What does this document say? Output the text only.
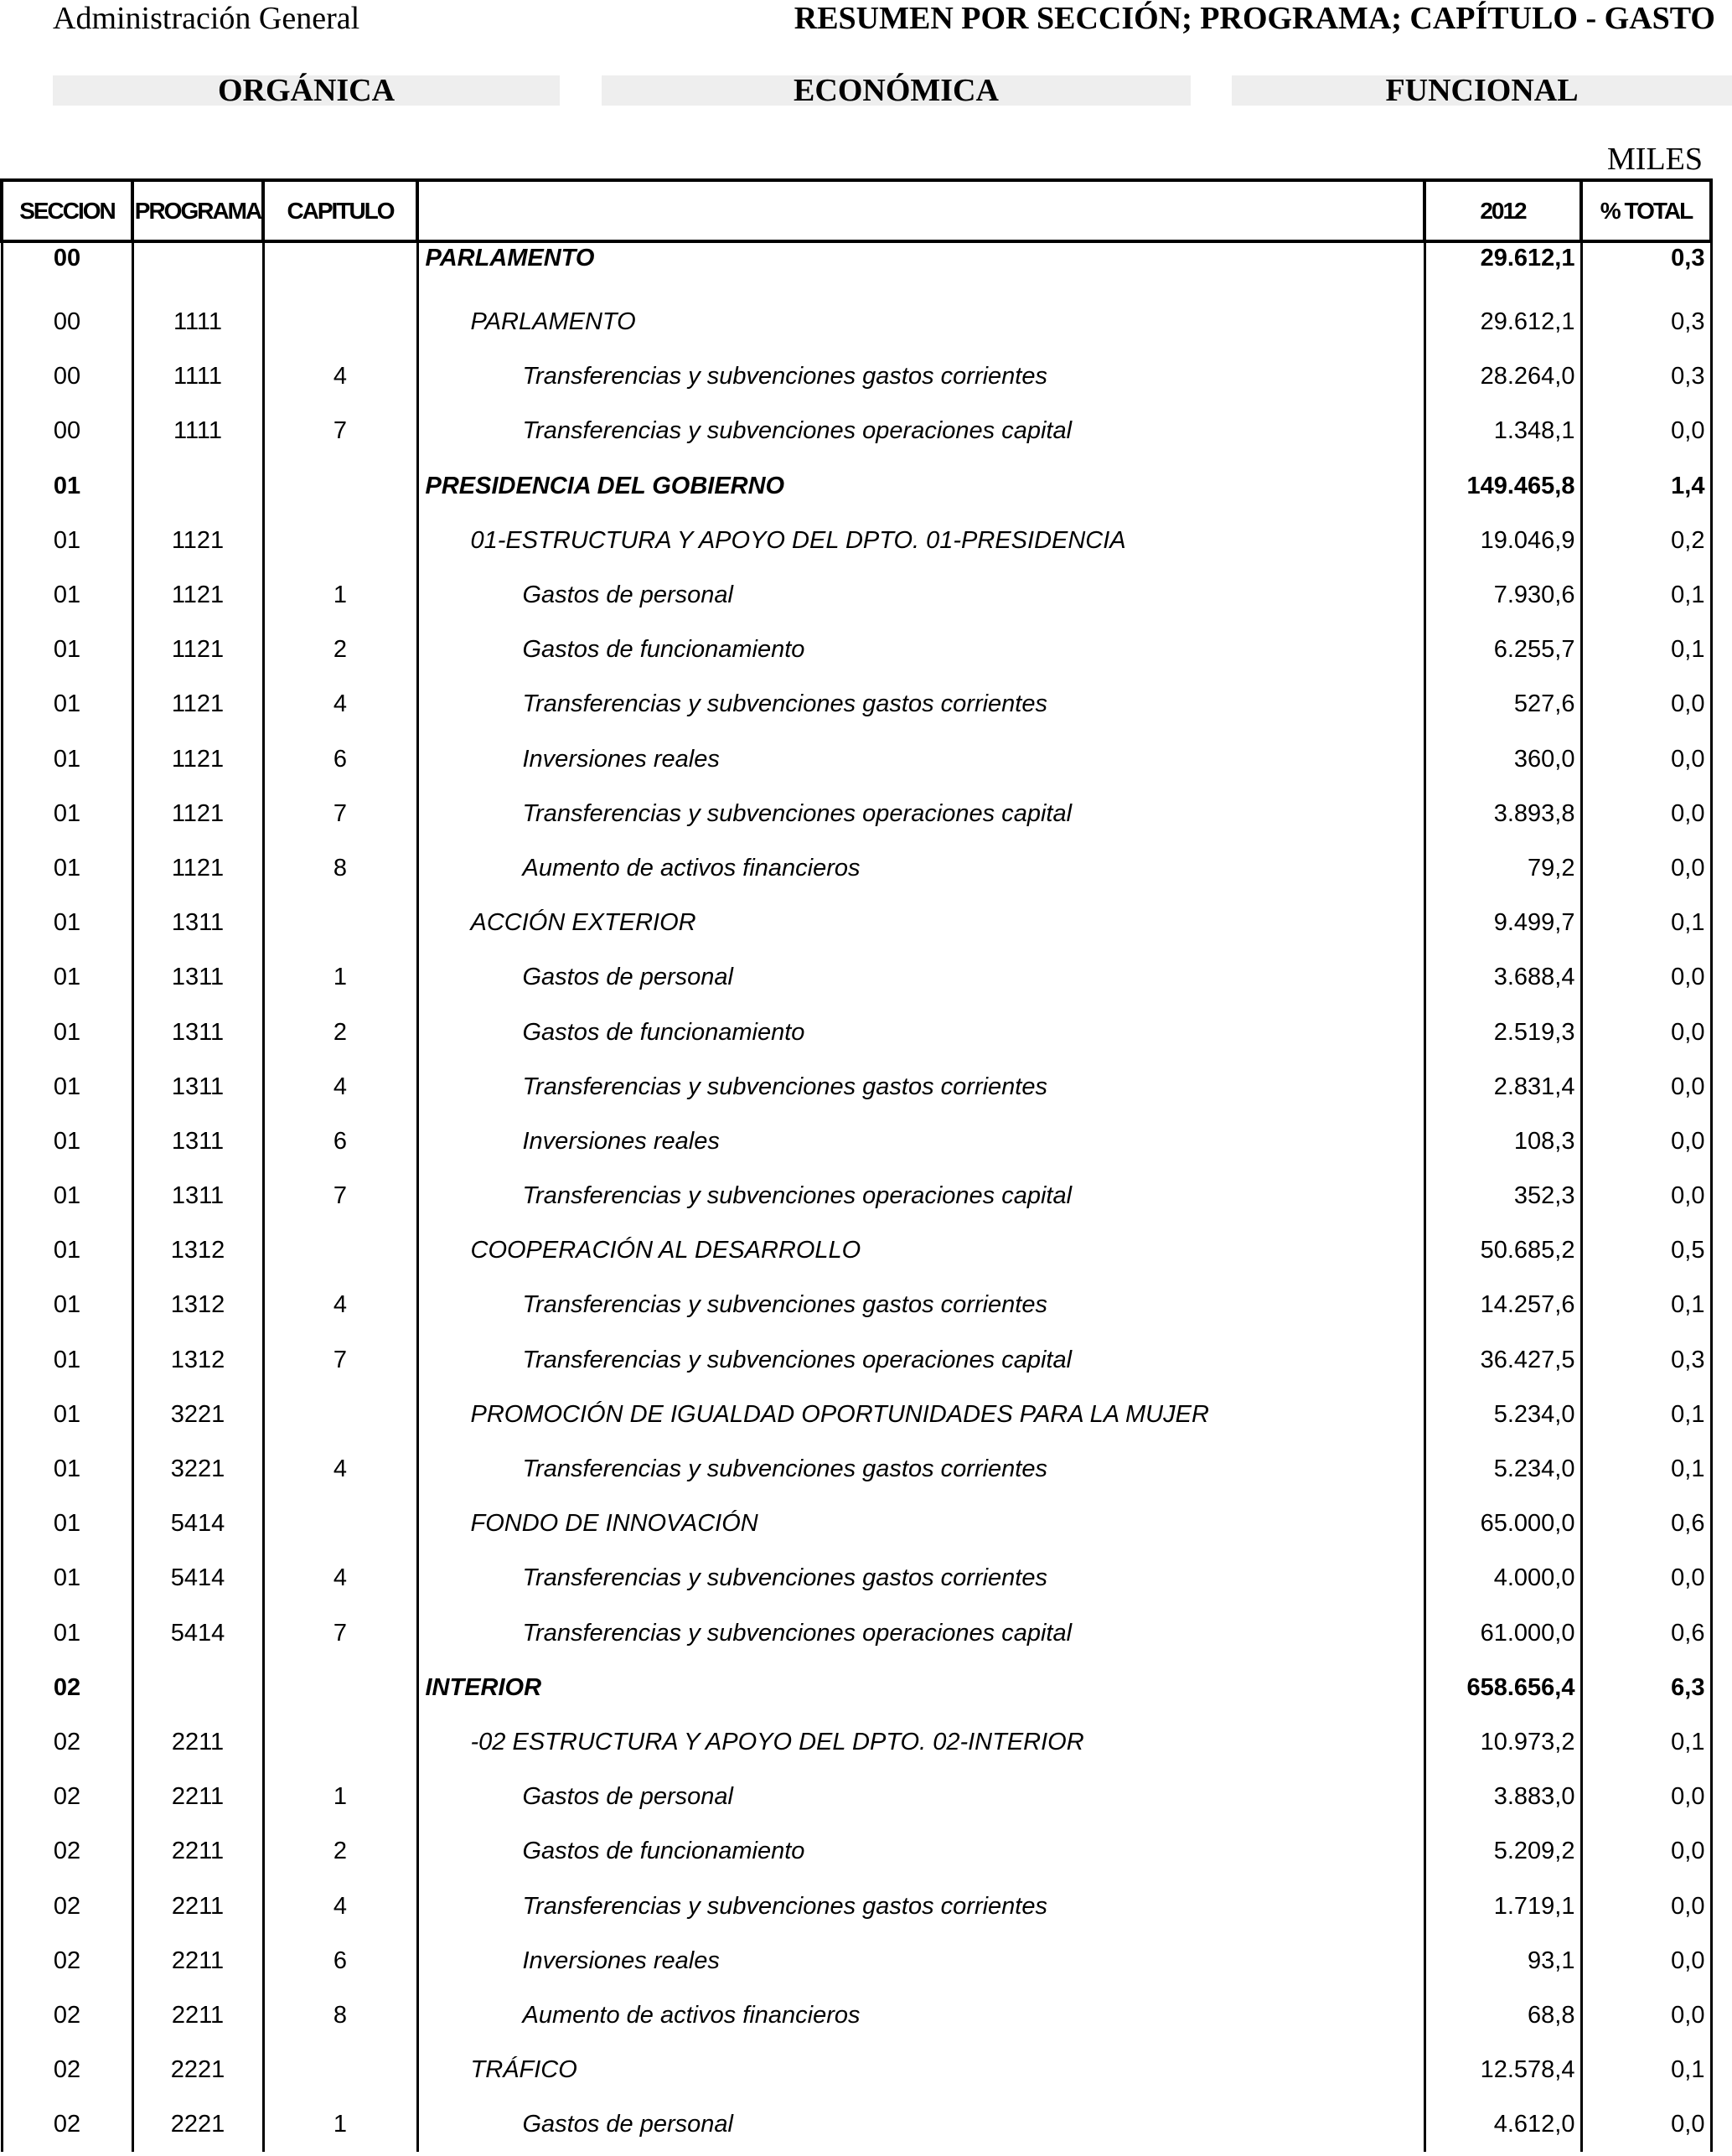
Administración General	RESUMEN POR SECCIÓN; PROGRAMA; CAPÍTULO - GASTO
ORGÁNICA	ECONÓMICA	FUNCIONAL
MILES
SECCION	PROGRAMA	CAPITULO		2012	% TOTAL
00			PARLAMENTO	29.612,1	0,3
00	1111		PARLAMENTO	29.612,1	0,3
00	1111	4	Transferencias y subvenciones gastos corrientes	28.264,0	0,3
00	1111	7	Transferencias y subvenciones operaciones capital	1.348,1	0,0
01			PRESIDENCIA DEL GOBIERNO	149.465,8	1,4
01	1121		01-ESTRUCTURA Y APOYO DEL DPTO. 01-PRESIDENCIA	19.046,9	0,2
01	1121	1	Gastos de personal	7.930,6	0,1
01	1121	2	Gastos de funcionamiento	6.255,7	0,1
01	1121	4	Transferencias y subvenciones gastos corrientes	527,6	0,0
01	1121	6	Inversiones reales	360,0	0,0
01	1121	7	Transferencias y subvenciones operaciones capital	3.893,8	0,0
01	1121	8	Aumento de activos financieros	79,2	0,0
01	1311		ACCIÓN EXTERIOR	9.499,7	0,1
01	1311	1	Gastos de personal	3.688,4	0,0
01	1311	2	Gastos de funcionamiento	2.519,3	0,0
01	1311	4	Transferencias y subvenciones gastos corrientes	2.831,4	0,0
01	1311	6	Inversiones reales	108,3	0,0
01	1311	7	Transferencias y subvenciones operaciones capital	352,3	0,0
01	1312		COOPERACIÓN AL DESARROLLO	50.685,2	0,5
01	1312	4	Transferencias y subvenciones gastos corrientes	14.257,6	0,1
01	1312	7	Transferencias y subvenciones operaciones capital	36.427,5	0,3
01	3221		PROMOCIÓN DE IGUALDAD OPORTUNIDADES PARA LA MUJER	5.234,0	0,1
01	3221	4	Transferencias y subvenciones gastos corrientes	5.234,0	0,1
01	5414		FONDO DE INNOVACIÓN	65.000,0	0,6
01	5414	4	Transferencias y subvenciones gastos corrientes	4.000,0	0,0
01	5414	7	Transferencias y subvenciones operaciones capital	61.000,0	0,6
02			INTERIOR	658.656,4	6,3
02	2211		-02 ESTRUCTURA Y APOYO DEL DPTO. 02-INTERIOR	10.973,2	0,1
02	2211	1	Gastos de personal	3.883,0	0,0
02	2211	2	Gastos de funcionamiento	5.209,2	0,0
02	2211	4	Transferencias y subvenciones gastos corrientes	1.719,1	0,0
02	2211	6	Inversiones reales	93,1	0,0
02	2211	8	Aumento de activos financieros	68,8	0,0
02	2221		TRÁFICO	12.578,4	0,1
02	2221	1	Gastos de personal	4.612,0	0,0
